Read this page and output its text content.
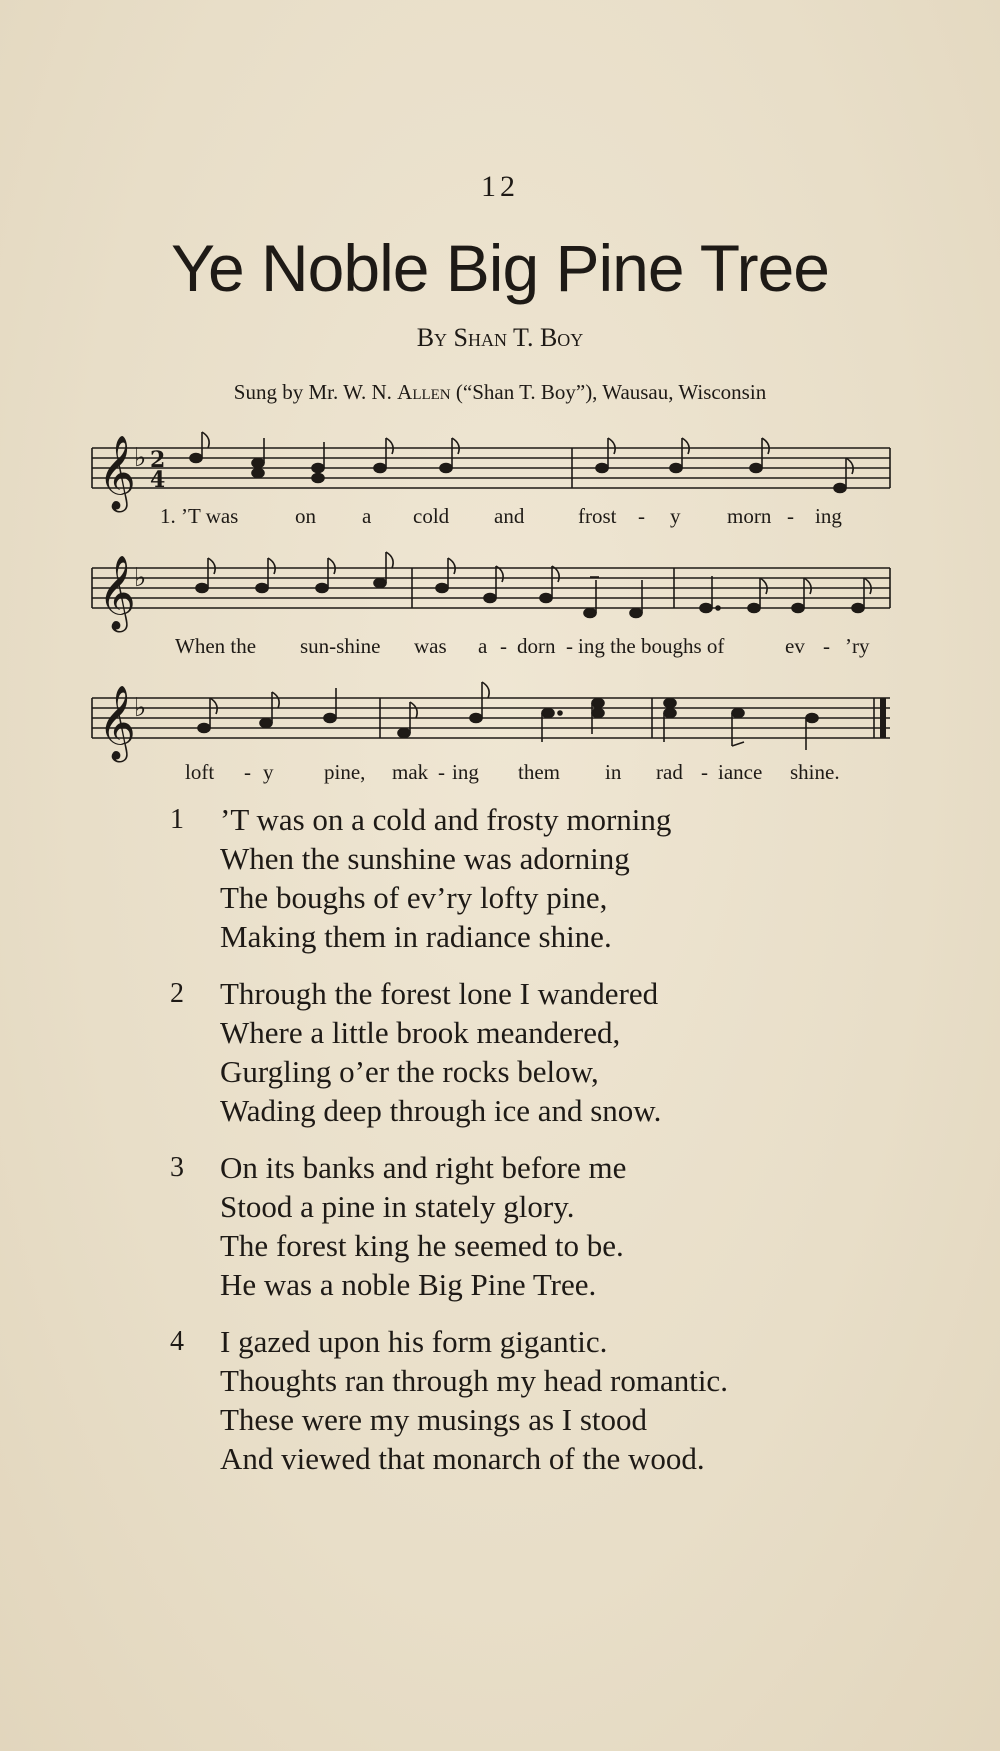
12
Ye Noble Big Pine Tree
By Shan T. Boy
Sung by Mr. W. N. Allen (“Shan T. Boy”), Wausau, Wisconsin
𝄞
♭ 2
4
1. ’T was	on a cold and	frost - y morn - ing
𝄞
♭
When the sun-shine was a - dorn - ing the boughs of	ev - ’ry
𝄞
♭
loft - y pine, mak - ing them in rad - iance shine.
1 ’T was on a cold and frosty morning
When the sunshine was adorning
The boughs of ev’ry lofty pine,
Making them in radiance shine.
2 Through the forest lone I wandered
Where a little brook meandered,
Gurgling o’er the rocks below,
Wading deep through ice and snow.
3 On its banks and right before me
Stood a pine in stately glory.
The forest king he seemed to be.
He was a noble Big Pine Tree.
4 I gazed upon his form gigantic.
Thoughts ran through my head romantic.
These were my musings as I stood
And viewed that monarch of the wood.
